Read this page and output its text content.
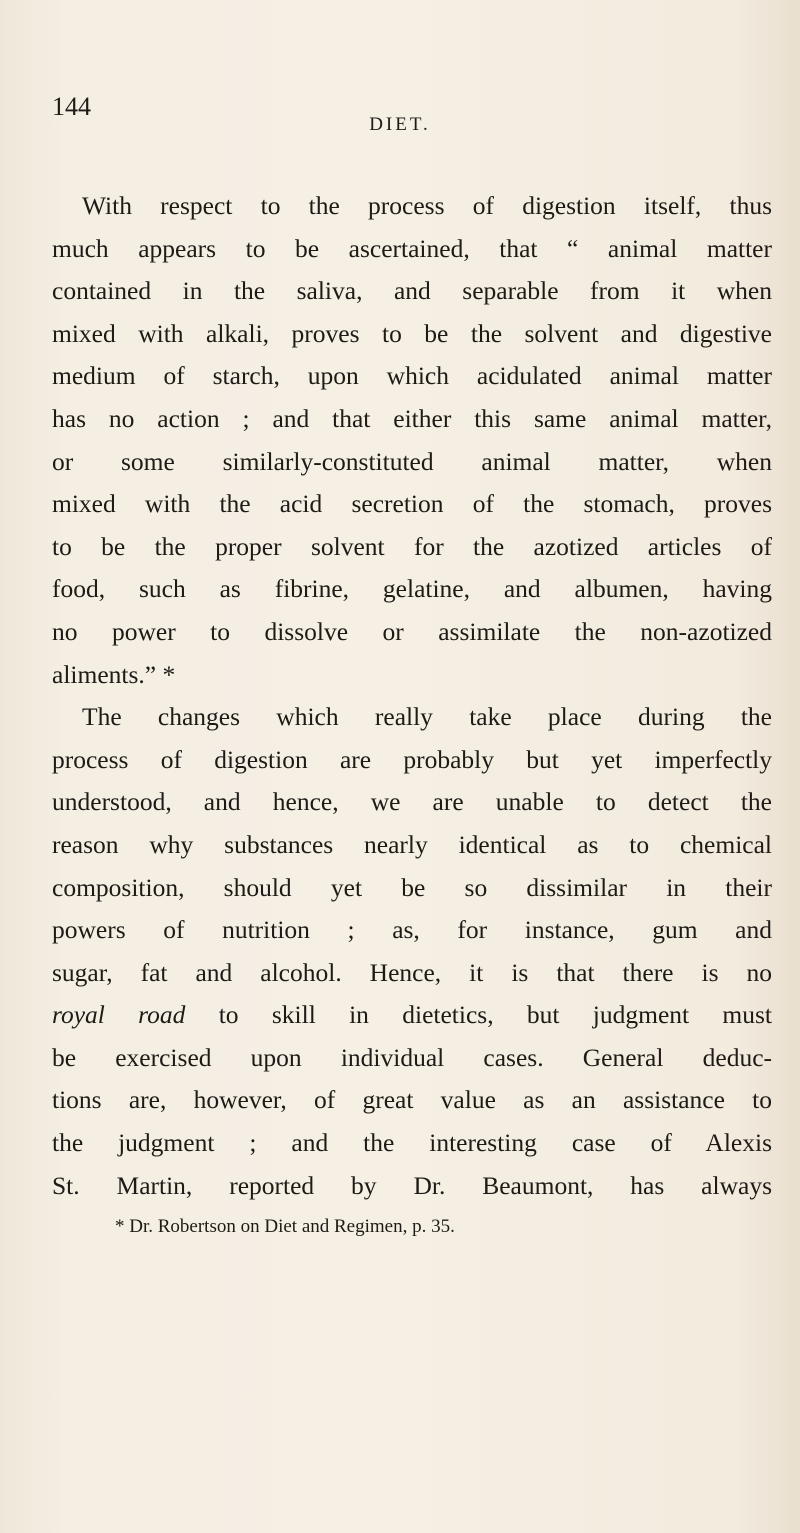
144
DIET.
With respect to the process of digestion itself, thus
much appears to be ascertained, that “ animal matter
contained in the saliva, and separable from it when
mixed with alkali, proves to be the solvent and digestive
medium of starch, upon which acidulated animal matter
has no action ; and that either this same animal matter,
or some similarly-constituted animal matter, when
mixed with the acid secretion of the stomach, proves
to be the proper solvent for the azotized articles of
food, such as fibrine, gelatine, and albumen, having
no power to dissolve or assimilate the non-azotized
aliments.” *
The changes which really take place during the
process of digestion are probably but yet imperfectly
understood, and hence, we are unable to detect the
reason why substances nearly identical as to chemical
composition, should yet be so dissimilar in their
powers of nutrition ; as, for instance, gum and
sugar, fat and alcohol. Hence, it is that there is no
royal road to skill in dietetics, but judgment must
be exercised upon individual cases. General deduc-
tions are, however, of great value as an assistance to
the judgment ; and the interesting case of Alexis
St. Martin, reported by Dr. Beaumont, has always
* Dr. Robertson on Diet and Regimen, p. 35.
